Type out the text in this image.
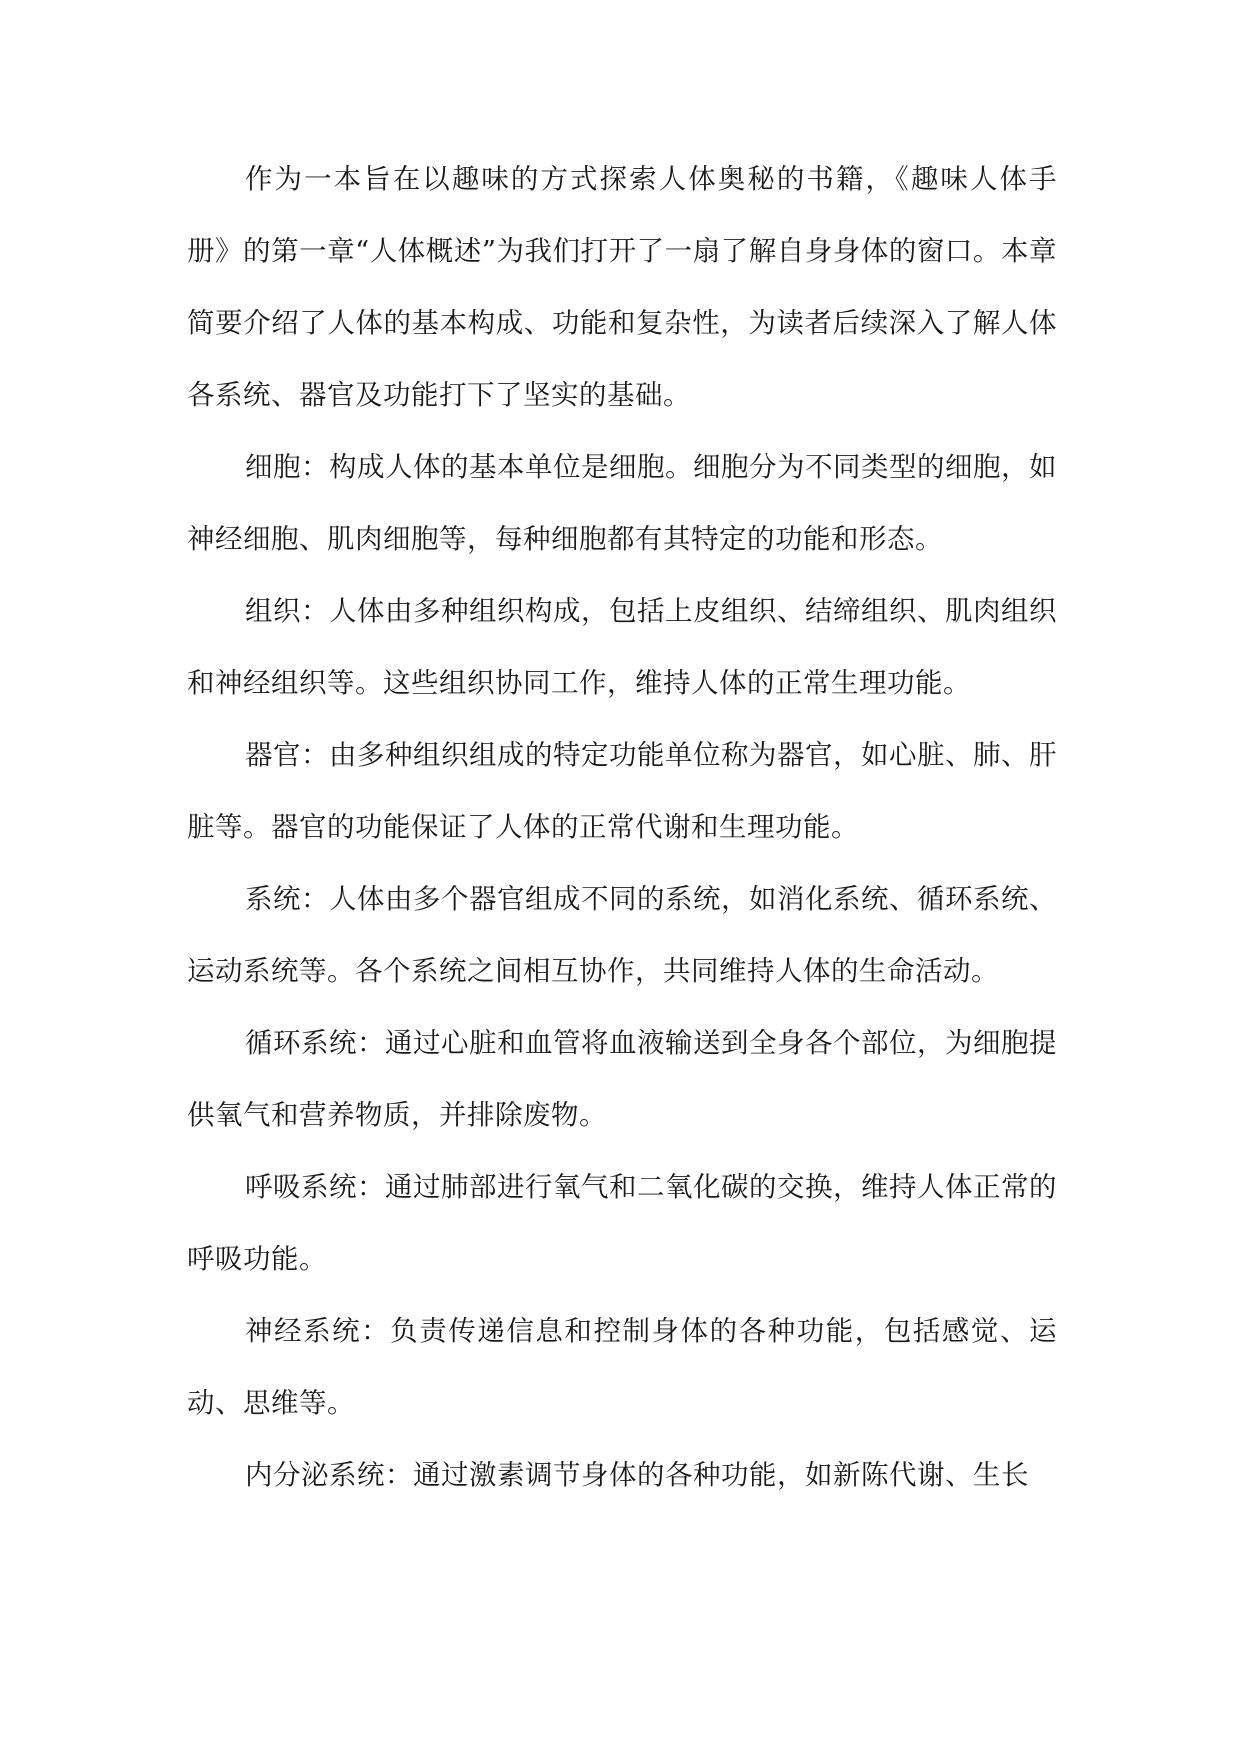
作为一本旨在以趣味的方式探索人体奥秘的书籍，《趣味人体手册》的第一章“人体概述”为我们打开了一扇了解自身身体的窗口。本章简要介绍了人体的基本构成、功能和复杂性，为读者后续深入了解人体各系统、器官及功能打下了坚实的基础。

细胞：构成人体的基本单位是细胞。细胞分为不同类型的细胞，如神经细胞、肌肉细胞等，每种细胞都有其特定的功能和形态。

组织：人体由多种组织构成，包括上皮组织、结缔组织、肌肉组织和神经组织等。这些组织协同工作，维持人体的正常生理功能。

器官：由多种组织组成的特定功能单位称为器官，如心脏、肺、肝脏等。器官的功能保证了人体的正常代谢和生理功能。

系统：人体由多个器官组成不同的系统，如消化系统、循环系统、运动系统等。各个系统之间相互协作，共同维持人体的生命活动。

循环系统：通过心脏和血管将血液输送到全身各个部位，为细胞提供氧气和营养物质，并排除废物。

呼吸系统：通过肺部进行氧气和二氧化碳的交换，维持人体正常的呼吸功能。

神经系统：负责传递信息和控制身体的各种功能，包括感觉、运动、思维等。

内分泌系统：通过激素调节身体的各种功能，如新陈代谢、生长
